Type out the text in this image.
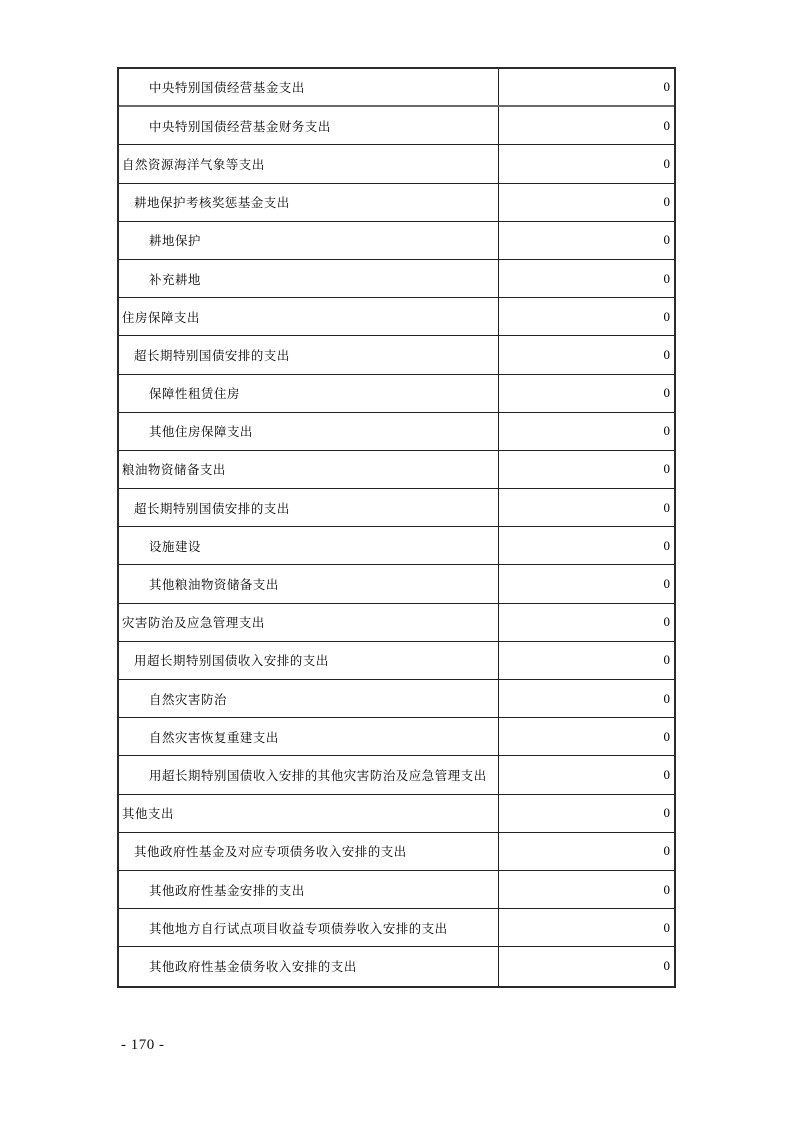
中央特别国债经营基金支出	0
中央特别国债经营基金财务支出	0
自然资源海洋气象等支出	0
耕地保护考核奖惩基金支出	0
耕地保护	0
补充耕地	0
住房保障支出	0
超长期特别国债安排的支出	0
保障性租赁住房	0
其他住房保障支出	0
粮油物资储备支出	0
超长期特别国债安排的支出	0
设施建设	0
其他粮油物资储备支出	0
灾害防治及应急管理支出	0
用超长期特别国债收入安排的支出	0
自然灾害防治	0
自然灾害恢复重建支出	0
用超长期特别国债收入安排的其他灾害防治及应急管理支出	0
其他支出	0
其他政府性基金及对应专项债务收入安排的支出	0
其他政府性基金安排的支出	0
其他地方自行试点项目收益专项债券收入安排的支出	0
其他政府性基金债务收入安排的支出	0
- 170 -
